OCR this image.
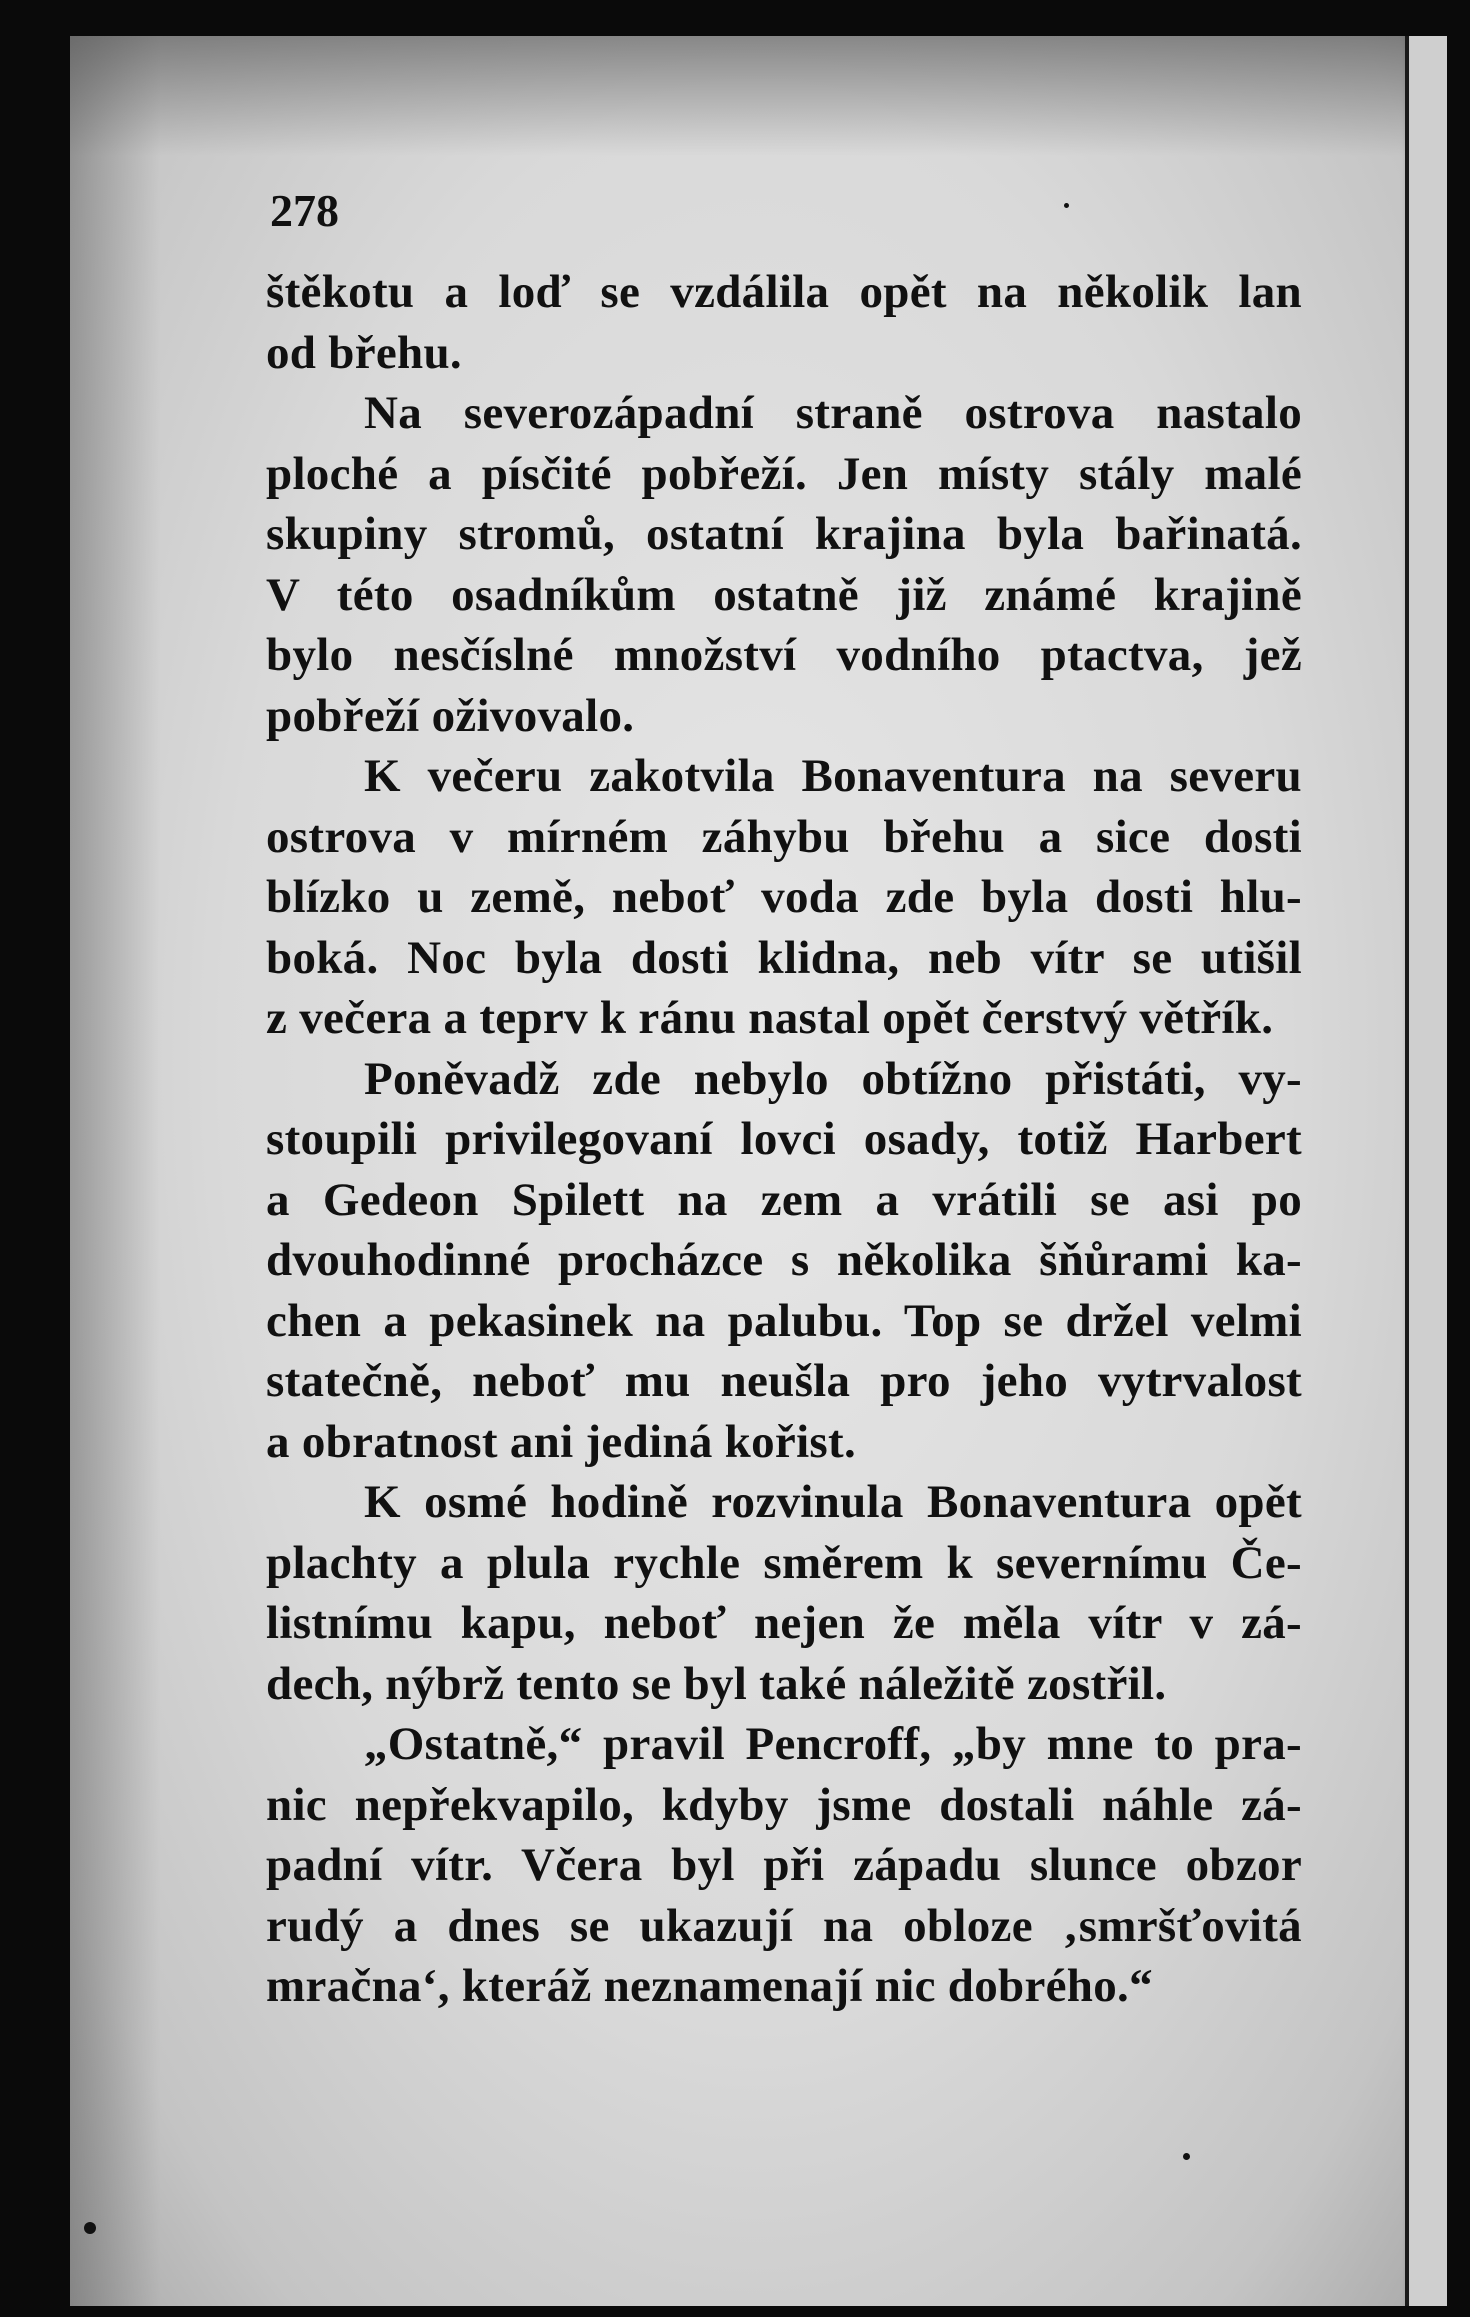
278

štěkotu a loď se vzdálila opět na několik lan
od břehu.
Na severozápadní straně ostrova nastalo
ploché a písčité pobřeží. Jen místy stály malé
skupiny stromů, ostatní krajina byla bařinatá.
V této osadníkům ostatně již známé krajině
bylo nesčíslné množství vodního ptactva, jež
pobřeží oživovalo.
K večeru zakotvila Bonaventura na severu
ostrova v mírném záhybu břehu a sice dosti
blízko u země, neboť voda zde byla dosti hlu-
boká. Noc byla dosti klidna, neb vítr se utišil
z večera a teprv k ránu nastal opět čerstvý větřík.
Poněvadž zde nebylo obtížno přistáti, vy-
stoupili privilegovaní lovci osady, totiž Harbert
a Gedeon Spilett na zem a vrátili se asi po
dvouhodinné procházce s několika šňůrami ka-
chen a pekasinek na palubu. Top se držel velmi
statečně, neboť mu neušla pro jeho vytrvalost
a obratnost ani jediná kořist.
K osmé hodině rozvinula Bonaventura opět
plachty a plula rychle směrem k severnímu Če-
listnímu kapu, neboť nejen že měla vítr v zá-
dech, nýbrž tento se byl také náležitě zostřil.
„Ostatně,“ pravil Pencroff, „by mne to pra-
nic nepřekvapilo, kdyby jsme dostali náhle zá-
padní vítr. Včera byl při západu slunce obzor
rudý a dnes se ukazují na obloze ‚smršťovitá
mračna‘, kteráž neznamenají nic dobrého.“
